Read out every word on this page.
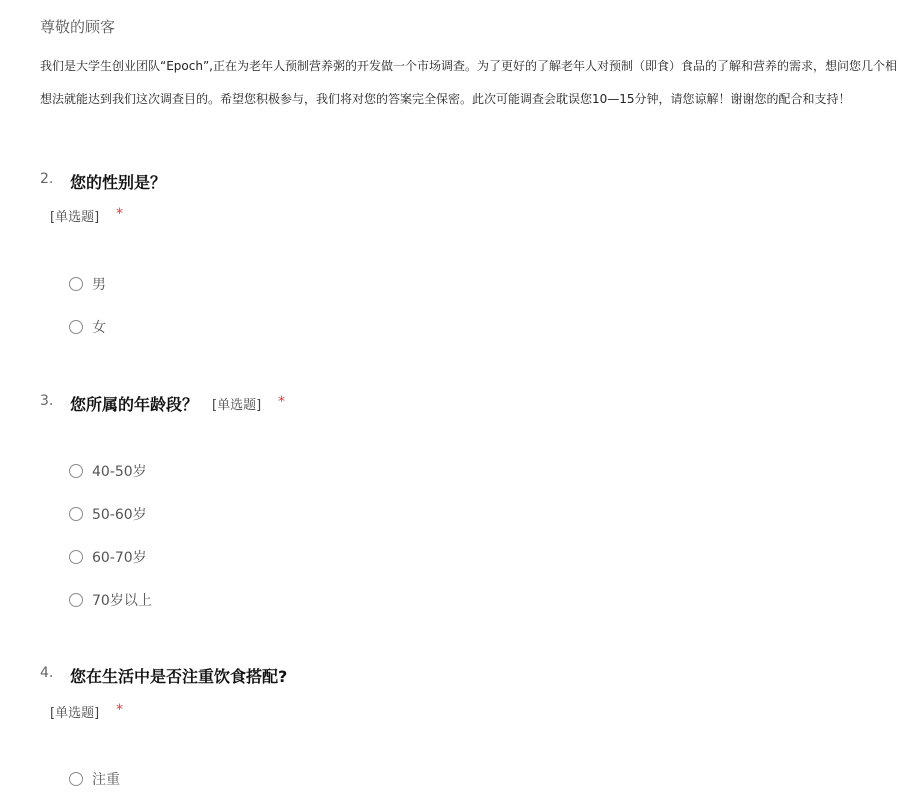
尊敬的顾客
我们是大学生创业团队“Epoch”,正在为老年人预制营养粥的开发做一个市场调查。为了更好的了解老年人对预制（即食）食品的了解和营养的需求，想问您几个相
想法就能达到我们这次调查目的。希望您积极参与，我们将对您的答案完全保密。此次可能调查会耽误您10—15分钟，请您谅解！谢谢您的配合和支持！
2. 您的性别是？
[单选题] *
男
女
3. 您所属的年龄段？ [单选题] *
40-50岁
50-60岁
60-70岁
70岁以上
4. 您在生活中是否注重饮食搭配?
[单选题] *
注重
